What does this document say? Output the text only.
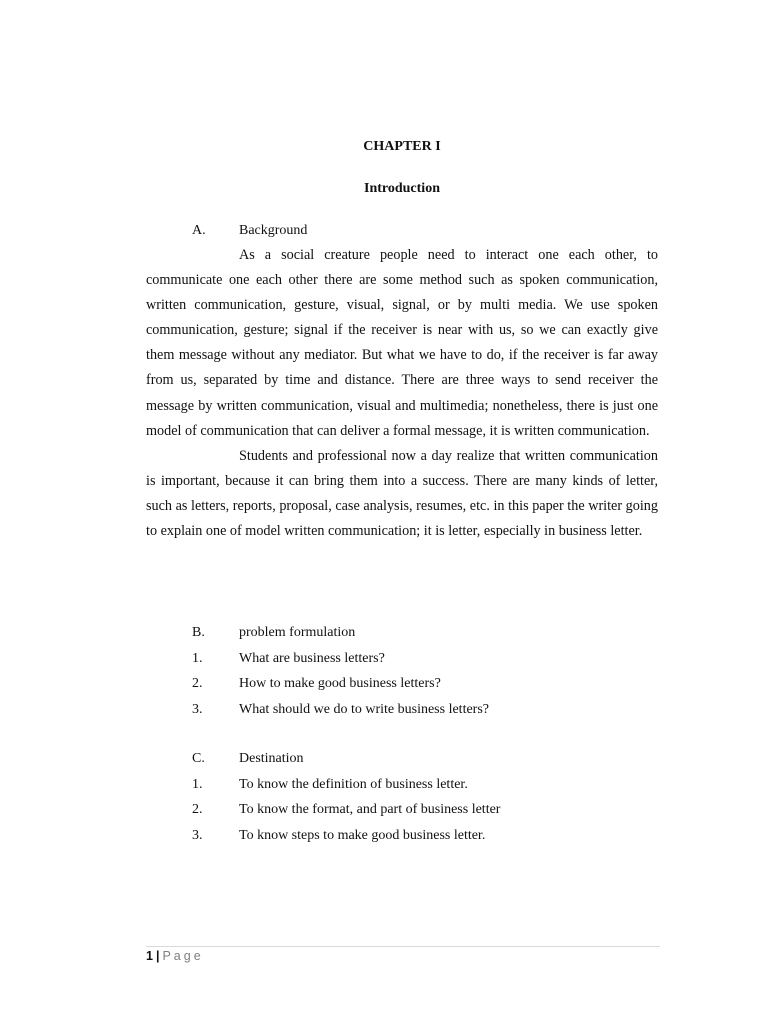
CHAPTER I
Introduction
A. Background

As a social creature people need to interact one each other, to communicate one each other there are some method such as spoken communication, written communication, gesture, visual, signal, or by multi media. We use spoken communication, gesture; signal if the receiver is near with us, so we can exactly give them message without any mediator. But what we have to do, if the receiver is far away from us, separated by time and distance. There are three ways to send receiver the message by written communication, visual and multimedia; nonetheless, there is just one model of communication that can deliver a formal message, it is written communication.

Students and professional now a day realize that written communication is important, because it can bring them into a success. There are many kinds of letter, such as letters, reports, proposal, case analysis, resumes, etc. in this paper the writer going to explain one of model written communication; it is letter, especially in business letter.

B. problem formulation
1.	What are business letters?
2.	How to make good business letters?
3.	What should we do to write business letters?
C. Destination
1.	To know the definition of business letter.
2.	To know the format, and part of business letter
3.	To know steps to make good business letter.
1 | Page
